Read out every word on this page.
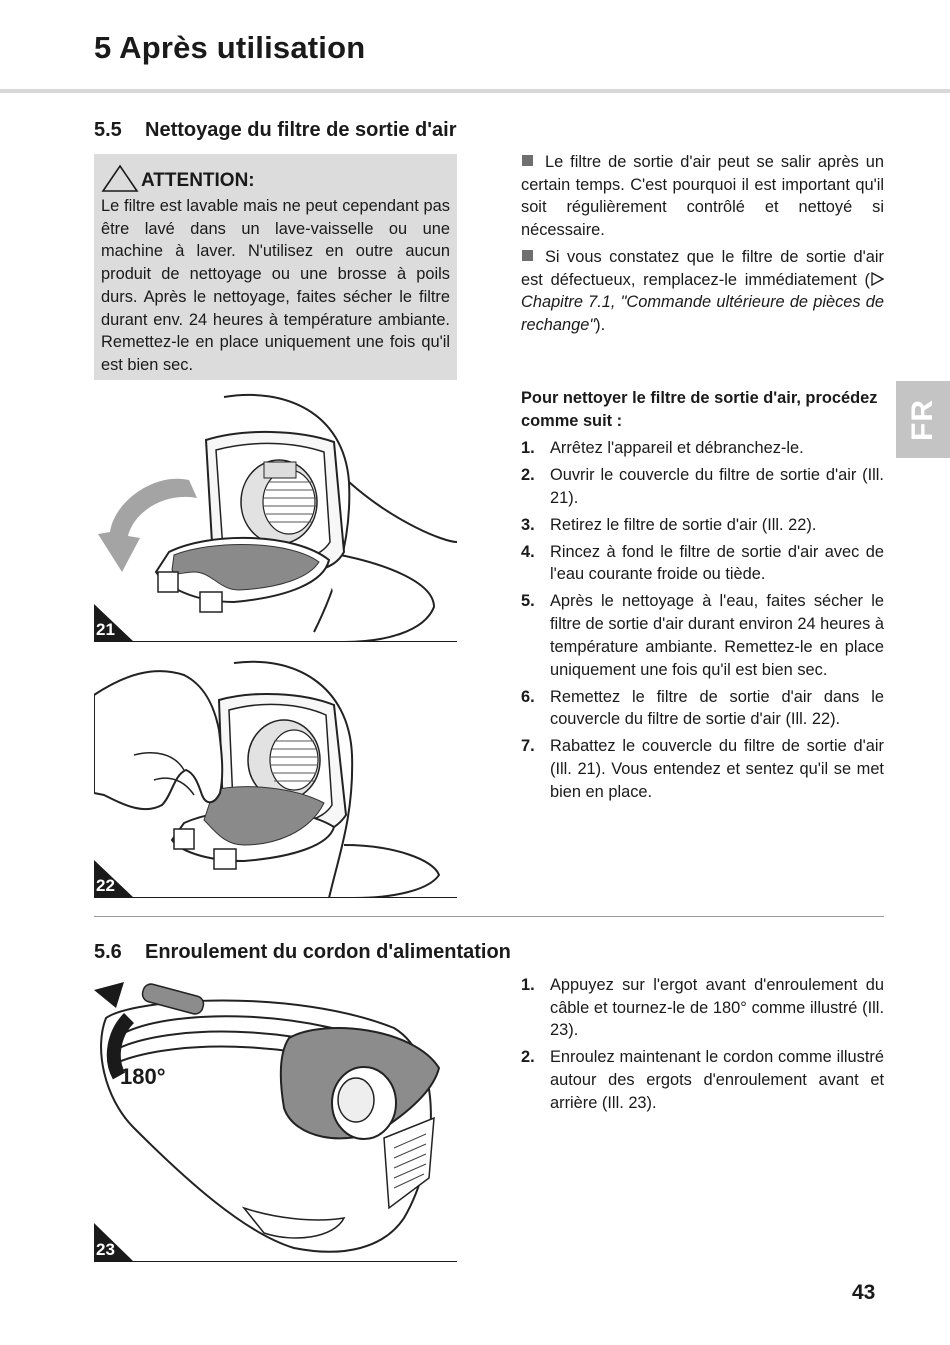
5 Après utilisation
5.5 Nettoyage du filtre de sortie d'air
ATTENTION:
Le filtre est lavable mais ne peut cependant pas être lavé dans un lave-vaisselle ou une machine à laver. N'utilisez en outre aucun produit de nettoyage ou une brosse à poils durs. Après le nettoyage, faites sécher le filtre durant env. 24 heures à température ambiante. Remettez-le en place uniquement une fois qu'il est bien sec.

Le filtre de sortie d'air peut se salir après un certain temps. C'est pourquoi il est important qu'il soit régulièrement contrôlé et nettoyé si nécessaire.

Si vous constatez que le filtre de sortie d'air est défectueux, remplacez-le immédiatement (Chapitre 7.1, "Commande ultérieure de pièces de rechange").

Pour nettoyer le filtre de sortie d'air, procédez comme suit :

1. Arrêtez l'appareil et débranchez-le.
2. Ouvrir le couvercle du filtre de sortie d'air (Ill. 21).
3. Retirez le filtre de sortie d'air (Ill. 22).
4. Rincez à fond le filtre de sortie d'air avec de l'eau courante froide ou tiède.
5. Après le nettoyage à l'eau, faites sécher le filtre de sortie d'air durant environ 24 heures à température ambiante. Remettez-le en place uniquement une fois qu'il est bien sec.
6. Remettez le filtre de sortie d'air dans le couvercle du filtre de sortie d'air (Ill. 22).
7. Rabattez le couvercle du filtre de sortie d'air (Ill. 21). Vous entendez et sentez qu'il se met bien en place.
21
22
5.6 Enroulement du cordon d'alimentation
1. Appuyez sur l'ergot avant d'enroulement du câble et tournez-le de 180° comme illustré (Ill. 23).
2. Enroulez maintenant le cordon comme illustré autour des ergots d'enroulement avant et arrière (Ill. 23).
180°
23
FR
43
